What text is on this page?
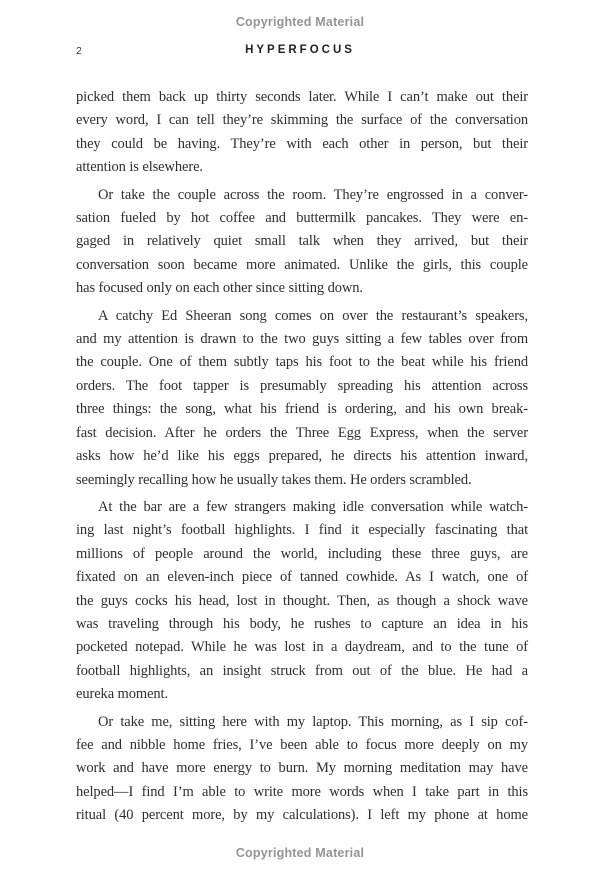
Copyrighted Material
2	HYPERFOCUS
picked them back up thirty seconds later. While I can’t make out their
every word, I can tell they’re skimming the surface of the conversation
they could be having. They’re with each other in person, but their
attention is elsewhere.
Or take the couple across the room. They’re engrossed in a conver-
sation fueled by hot coffee and buttermilk pancakes. They were en-
gaged in relatively quiet small talk when they arrived, but their
conversation soon became more animated. Unlike the girls, this couple
has focused only on each other since sitting down.
A catchy Ed Sheeran song comes on over the restaurant’s speakers,
and my attention is drawn to the two guys sitting a few tables over from
the couple. One of them subtly taps his foot to the beat while his friend
orders. The foot tapper is presumably spreading his attention across
three things: the song, what his friend is ordering, and his own break-
fast decision. After he orders the Three Egg Express, when the server
asks how he’d like his eggs prepared, he directs his attention inward,
seemingly recalling how he usually takes them. He orders scrambled.
At the bar are a few strangers making idle conversation while watch-
ing last night’s football highlights. I find it especially fascinating that
millions of people around the world, including these three guys, are
fixated on an eleven-inch piece of tanned cowhide. As I watch, one of
the guys cocks his head, lost in thought. Then, as though a shock wave
was traveling through his body, he rushes to capture an idea in his
pocketed notepad. While he was lost in a daydream, and to the tune of
football highlights, an insight struck from out of the blue. He had a
eureka moment.
Or take me, sitting here with my laptop. This morning, as I sip cof-
fee and nibble home fries, I’ve been able to focus more deeply on my
work and have more energy to burn. My morning meditation may have
helped—I find I’m able to write more words when I take part in this
ritual (40 percent more, by my calculations). I left my phone at home
Copyrighted Material
